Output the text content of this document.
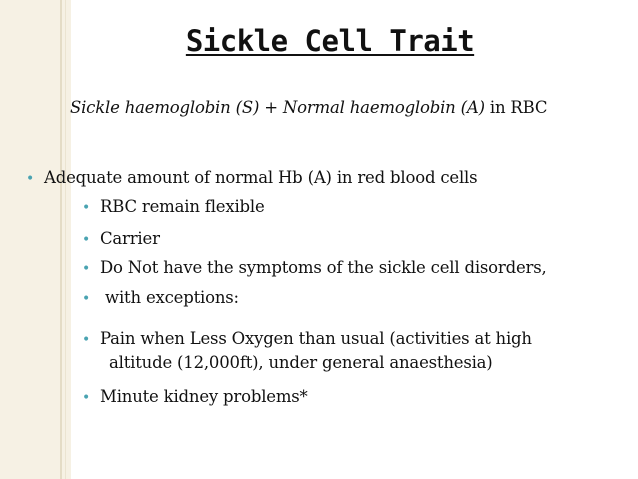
Sickle Cell Trait
Sickle haemoglobin (S) + Normal haemoglobin (A) in RBC
• Adequate amount of normal Hb (A) in red blood cells
• RBC remain flexible
• Carrier
• Do Not have the symptoms of the sickle cell disorders,
• with exceptions:
• Pain when Less Oxygen than usual (activities at high
altitude (12,000ft), under general anaesthesia)
• Minute kidney problems*
